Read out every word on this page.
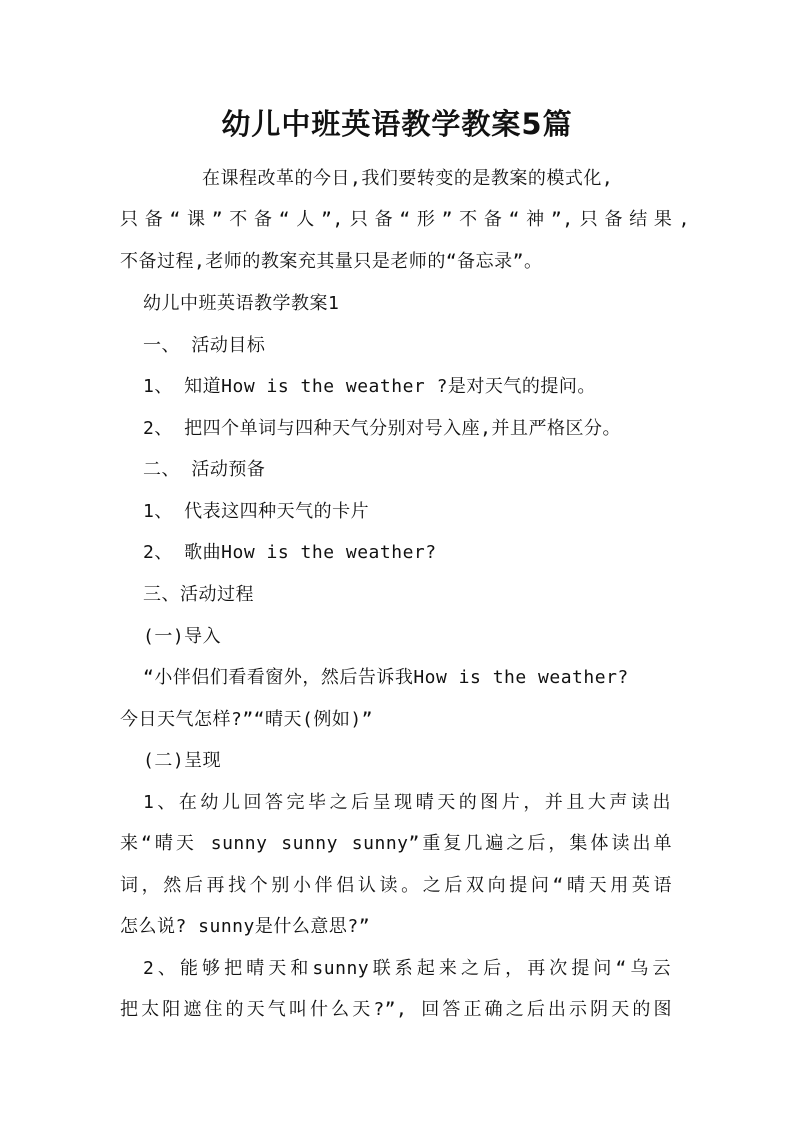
幼儿中班英语教学教案5篇
在课程改革的今日,我们要转变的是教案的模式化,
只备“课”不备“人”,只备“形”不备“神”,只备结果,
不备过程,老师的教案充其量只是老师的“备忘录”。
幼儿中班英语教学教案1
一、 活动目标
1、 知道How is the weather ?是对天气的提问。
2、 把四个单词与四种天气分别对号入座,并且严格区分。
二、 活动预备
1、 代表这四种天气的卡片
2、 歌曲How is the weather?
三、活动过程
(一)导入
“小伴侣们看看窗外，然后告诉我How is the weather?
今日天气怎样?”“晴天(例如)”
(二)呈现
1、在幼儿回答完毕之后呈现晴天的图片，并且大声读出
来“晴天 sunny sunny sunny”重复几遍之后，集体读出单
词，然后再找个别小伴侣认读。之后双向提问“晴天用英语
怎么说? sunny是什么意思?”
2、能够把晴天和sunny联系起来之后，再次提问“乌云
把太阳遮住的天气叫什么天?”, 回答正确之后出示阴天的图
